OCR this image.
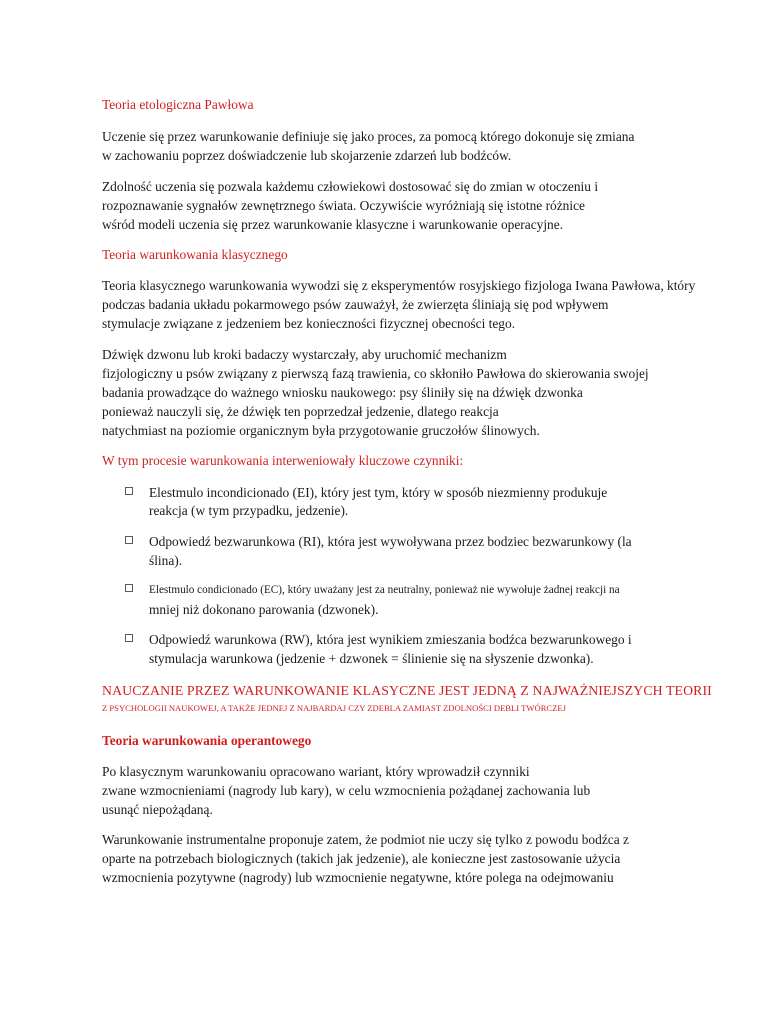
Teoria etologiczna Pawłowa

Uczenie się przez warunkowanie definiuje się jako proces, za pomocą którego dokonuje się zmiana

w zachowaniu poprzez doświadczenie lub skojarzenie zdarzeń lub bodźców.

Zdolność uczenia się pozwala każdemu człowiekowi dostosować się do zmian w otoczeniu i

rozpoznawanie sygnałów zewnętrznego świata. Oczywiście wyróżniają się istotne różnice

wśród modeli uczenia się przez warunkowanie klasyczne i warunkowanie operacyjne.

Teoria warunkowania klasycznego

Teoria klasycznego warunkowania wywodzi się z eksperymentów rosyjskiego fizjologa Iwana Pawłowa, który

podczas badania układu pokarmowego psów zauważył, że zwierzęta śliniają się pod wpływem

stymulacje związane z jedzeniem bez konieczności fizycznej obecności tego.

Dźwięk dzwonu lub kroki badaczy wystarczały, aby uruchomić mechanizm

fizjologiczny u psów związany z pierwszą fazą trawienia, co skłoniło Pawłowa do skierowania swojej

badania prowadzące do ważnego wniosku naukowego: psy śliniły się na dźwięk dzwonka

ponieważ nauczyli się, że dźwięk ten poprzedzał jedzenie, dlatego reakcja

natychmiast na poziomie organicznym była przygotowanie gruczołów ślinowych.

W tym procesie warunkowania interweniowały kluczowe czynniki:

Elestmulo incondicionado (EI), który jest tym, który w sposób niezmienny produkuje

reakcja (w tym przypadku, jedzenie).

Odpowiedź bezwarunkowa (RI), która jest wywoływana przez bodziec bezwarunkowy (la

ślina).

Elestmulo condicionado (EC), który uważany jest za neutralny, ponieważ nie wywołuje żadnej reakcji na

mniej niż dokonano parowania (dzwonek).

Odpowiedź warunkowa (RW), która jest wynikiem zmieszania bodźca bezwarunkowego i

stymulacja warunkowa (jedzenie + dzwonek = ślinienie się na słyszenie dzwonka).

NAUCZANIE PRZEZ WARUNKOWANIE KLASYCZNE JEST JEDNĄ Z NAJWAŻNIEJSZYCH TEORII

Z PSYCHOLOGII NAUKOWEJ, A TAKŻE JEDNEJ Z NAJBARDAJ CZY ZDEBLA ZAMIAST ZDOLNOŚCI DEBLI TWÓRCZEJ

Teoria warunkowania operantowego

Po klasycznym warunkowaniu opracowano wariant, który wprowadził czynniki

zwane wzmocnieniami (nagrody lub kary), w celu wzmocnienia pożądanej zachowania lub

usunąć niepożądaną.

Warunkowanie instrumentalne proponuje zatem, że podmiot nie uczy się tylko z powodu bodźca z

oparte na potrzebach biologicznych (takich jak jedzenie), ale konieczne jest zastosowanie użycia

wzmocnienia pozytywne (nagrody) lub wzmocnienie negatywne, które polega na odejmowaniu
